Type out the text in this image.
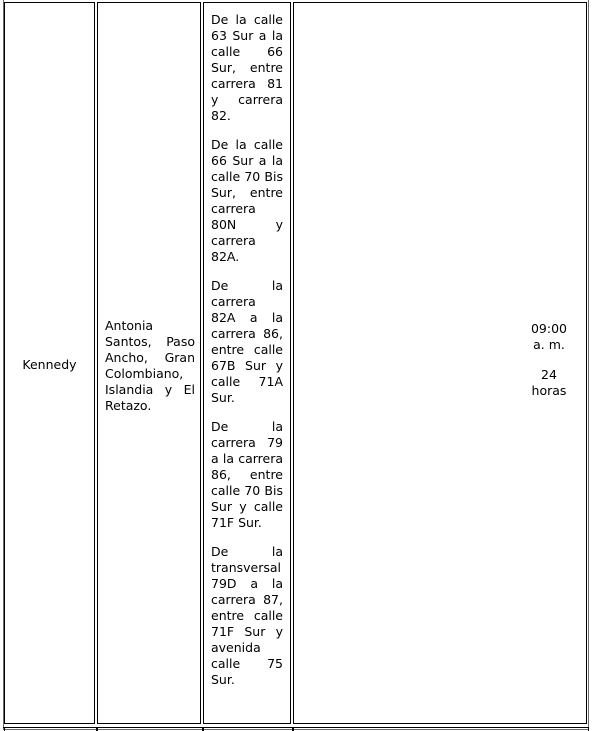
Kennedy
Antonia Santos, Paso Ancho, Gran Colombiano, Islandia y El Retazo.

De la calle 63 Sur a la calle 66 Sur, entre carrera 81 y carrera 82.

De la calle 66 Sur a la calle 70 Bis Sur, entre carrera 80N y carrera 82A.

De la carrera 82A a la carrera 86, entre calle 67B Sur y calle 71A Sur.

De la carrera 79 a la carrera 86, entre calle 70 Bis Sur y calle 71F Sur.

De la transversal 79D a la carrera 87, entre calle 71F Sur y avenida calle 75 Sur.

09:00
a. m.
24
horas
